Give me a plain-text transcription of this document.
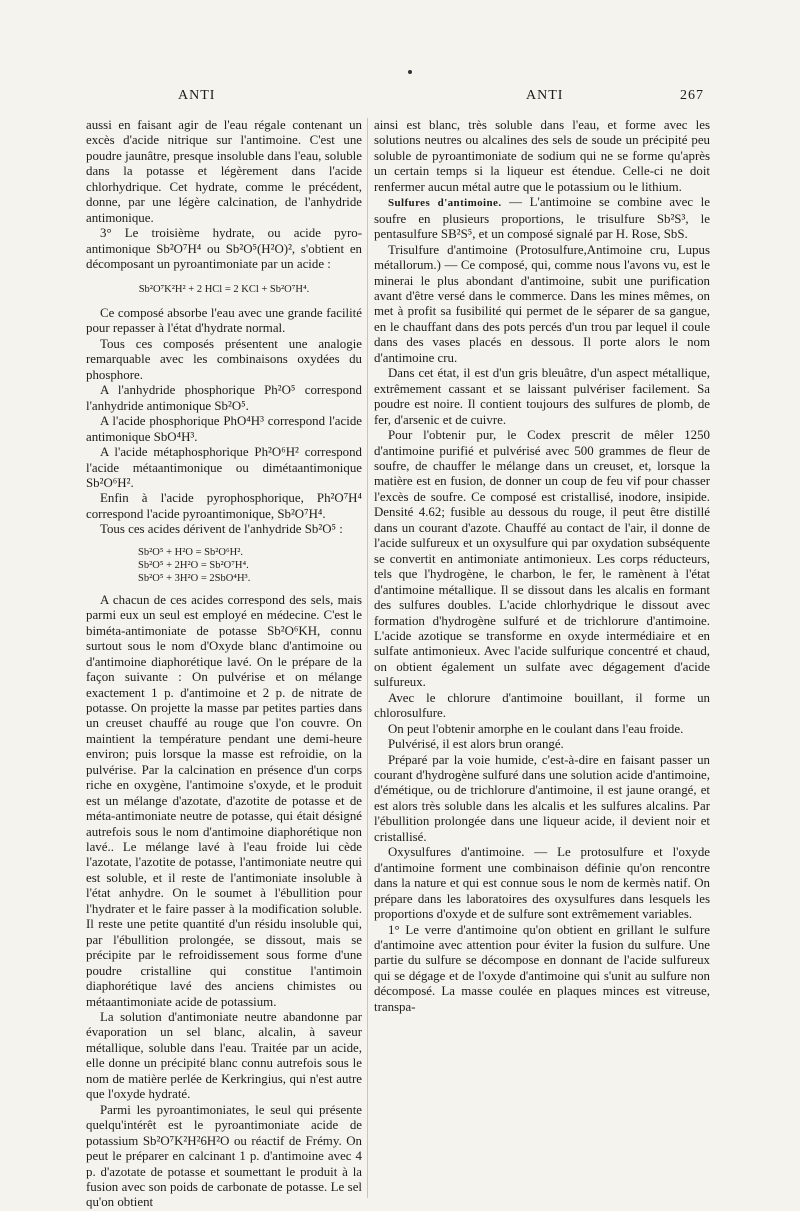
ANTI	ANTI	267

aussi en faisant agir de l'eau régale contenant un excès d'acide nitrique sur l'antimoine. C'est une poudre jaunâtre, presque insoluble dans l'eau, soluble dans la potasse et légèrement dans l'acide chlorhydrique. Cet hydrate, comme le précédent, donne, par une légère calcination, de l'anhydride antimonique.

3° Le troisième hydrate, ou acide pyro-antimonique Sb²O⁷H⁴ ou Sb²O⁵(H²O)², s'obtient en décomposant un pyroantimoniate par un acide :

Sb²O⁷K²H² + 2 HCl = 2 KCl + Sb²O⁷H⁴.

Ce composé absorbe l'eau avec une grande facilité pour repasser à l'état d'hydrate normal.

Tous ces composés présentent une analogie remarquable avec les combinaisons oxydées du phosphore.

A l'anhydride phosphorique Ph²O⁵ correspond l'anhydride antimonique Sb²O⁵.

A l'acide phosphorique PhO⁴H³ correspond l'acide antimonique SbO⁴H³.

A l'acide métaphosphorique Ph²O⁶H² correspond l'acide métaantimonique ou dimétaantimonique Sb²O⁶H².

Enfin à l'acide pyrophosphorique, Ph²O⁷H⁴ correspond l'acide pyroantimonique, Sb²O⁷H⁴.

Tous ces acides dérivent de l'anhydride Sb²O⁵ :

Sb²O⁵ + H²O = Sb²O⁶H².
Sb²O⁵ + 2H²O = Sb²O⁷H⁴.
Sb²O⁵ + 3H²O = 2SbO⁴H³.

A chacun de ces acides correspond des sels, mais parmi eux un seul est employé en médecine. C'est le biméta-antimoniate de potasse Sb²O⁶KH, connu surtout sous le nom d'Oxyde blanc d'antimoine ou d'antimoine diaphorétique lavé. On le prépare de la façon suivante : On pulvérise et on mélange exactement 1 p. d'antimoine et 2 p. de nitrate de potasse. On projette la masse par petites parties dans un creuset chauffé au rouge que l'on couvre. On maintient la température pendant une demi-heure environ; puis lorsque la masse est refroidie, on la pulvérise. Par la calcination en présence d'un corps riche en oxygène, l'antimoine s'oxyde, et le produit est un mélange d'azotate, d'azotite de potasse et de méta-antimoniate neutre de potasse, qui était désigné autrefois sous le nom d'antimoine diaphorétique non lavé.. Le mélange lavé à l'eau froide lui cède l'azotate, l'azotite de potasse, l'antimoniate neutre qui est soluble, et il reste de l'antimoniate insoluble à l'état anhydre. On le soumet à l'ébullition pour l'hydrater et le faire passer à la modification soluble. Il reste une petite quantité d'un résidu insoluble qui, par l'ébullition prolongée, se dissout, mais se précipite par le refroidissement sous forme d'une poudre cristalline qui constitue l'antimoin diaphorétique lavé des anciens chimistes ou métaantimoniate acide de potassium.

La solution d'antimoniate neutre abandonne par évaporation un sel blanc, alcalin, à saveur métallique, soluble dans l'eau. Traitée par un acide, elle donne un précipité blanc connu autrefois sous le nom de matière perlée de Kerkringius, qui n'est autre que l'oxyde hydraté.

Parmi les pyroantimoniates, le seul qui présente quelqu'intérêt est le pyroantimoniate acide de potassium Sb²O⁷K²H²6H²O ou réactif de Frémy. On peut le préparer en calcinant 1 p. d'antimoine avec 4 p. d'azotate de potasse et soumettant le produit à la fusion avec son poids de carbonate de potasse. Le sel qu'on obtient

ainsi est blanc, très soluble dans l'eau, et forme avec les solutions neutres ou alcalines des sels de soude un précipité peu soluble de pyroantimoniate de sodium qui ne se forme qu'après un certain temps si la liqueur est étendue. Celle-ci ne doit renfermer aucun métal autre que le potassium ou le lithium.

Sulfures d'antimoine. — L'antimoine se combine avec le soufre en plusieurs proportions, le trisulfure Sb²S³, le pentasulfure SB²S⁵, et un composé signalé par H. Rose, SbS.

Trisulfure d'antimoine (Protosulfure,Antimoine cru, Lupus métallorum.) — Ce composé, qui, comme nous l'avons vu, est le minerai le plus abondant d'antimoine, subit une purification avant d'être versé dans le commerce. Dans les mines mêmes, on met à profit sa fusibilité qui permet de le séparer de sa gangue, en le chauffant dans des pots percés d'un trou par lequel il coule dans des vases placés en dessous. Il porte alors le nom d'antimoine cru.

Dans cet état, il est d'un gris bleuâtre, d'un aspect métallique, extrêmement cassant et se laissant pulvériser facilement. Sa poudre est noire. Il contient toujours des sulfures de plomb, de fer, d'arsenic et de cuivre.

Pour l'obtenir pur, le Codex prescrit de mêler 1250 d'antimoine purifié et pulvérisé avec 500 grammes de fleur de soufre, de chauffer le mélange dans un creuset, et, lorsque la matière est en fusion, de donner un coup de feu vif pour chasser l'excès de soufre. Ce composé est cristallisé, inodore, insipide. Densité 4.62; fusible au dessous du rouge, il peut être distillé dans un courant d'azote. Chauffé au contact de l'air, il donne de l'acide sulfureux et un oxysulfure qui par oxydation subséquente se convertit en antimoniate antimonieux. Les corps réducteurs, tels que l'hydrogène, le charbon, le fer, le ramènent à l'état d'antimoine métallique. Il se dissout dans les alcalis en formant des sulfures doubles. L'acide chlorhydrique le dissout avec formation d'hydrogène sulfuré et de trichlorure d'antimoine. L'acide azotique se transforme en oxyde intermédiaire et en sulfate antimonieux. Avec l'acide sulfurique concentré et chaud, on obtient également un sulfate avec dégagement d'acide sulfureux.

Avec le chlorure d'antimoine bouillant, il forme un chlorosulfure.

On peut l'obtenir amorphe en le coulant dans l'eau froide.

Pulvérisé, il est alors brun orangé.

Préparé par la voie humide, c'est-à-dire en faisant passer un courant d'hydrogène sulfuré dans une solution acide d'antimoine, d'émétique, ou de trichlorure d'antimoine, il est jaune orangé, et est alors très soluble dans les alcalis et les sulfures alcalins. Par l'ébullition prolongée dans une liqueur acide, il devient noir et cristallisé.

Oxysulfures d'antimoine. — Le protosulfure et l'oxyde d'antimoine forment une combinaison définie qu'on rencontre dans la nature et qui est connue sous le nom de kermès natif. On prépare dans les laboratoires des oxysulfures dans lesquels les proportions d'oxyde et de sulfure sont extrêmement variables.

1° Le verre d'antimoine qu'on obtient en grillant le sulfure d'antimoine avec attention pour éviter la fusion du sulfure. Une partie du sulfure se décompose en donnant de l'acide sulfureux qui se dégage et de l'oxyde d'antimoine qui s'unit au sulfure non décomposé. La masse coulée en plaques minces est vitreuse, transpa-
